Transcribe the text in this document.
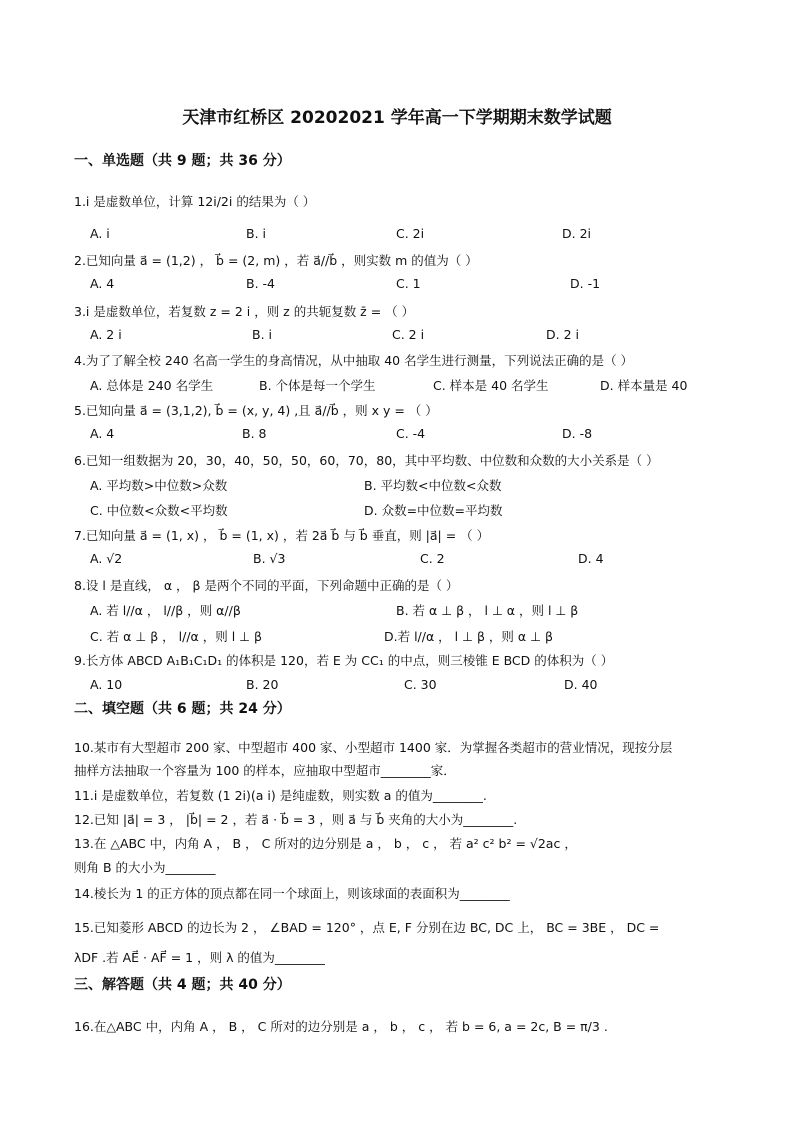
天津市红桥区 20202021 学年高一下学期期末数学试题
一、单选题（共 9 题；共 36 分）
1.i 是虚数单位，计算 12i/2i 的结果为（ ）
A. i	B. i	C. 2i	D. 2i
2.已知向量 a⃗ = (1,2) ， b⃗ = (2, m) ，若 a⃗//b⃗ ，则实数 m 的值为（ ）
A. 4	B. -4	C. 1	D. -1
3.i 是虚数单位，若复数 z = 2 i ，则 z 的共轭复数 z̄ = （ ）
A. 2 i	B. i	C. 2 i	D. 2 i
4.为了了解全校 240 名高一学生的身高情况，从中抽取 40 名学生进行测量，下列说法正确的是（ ）
A. 总体是 240 名学生	B. 个体是每一个学生	C. 样本是 40 名学生	D. 样本量是 40
5.已知向量 a⃗ = (3,1,2), b⃗ = (x, y, 4) ,且 a⃗//b⃗ ，则 x y = （ ）
A. 4	B. 8	C. -4	D. -8
6.已知一组数据为 20，30，40，50，50，60，70，80，其中平均数、中位数和众数的大小关系是（ ）
A. 平均数>中位数>众数	B. 平均数<中位数<众数
C. 中位数<众数<平均数	D. 众数=中位数=平均数
7.已知向量 a⃗ = (1, x) ， b⃗ = (1, x) ，若 2a⃗ b⃗ 与 b⃗ 垂直，则 |a⃗| = （ ）
A. √2	B. √3	C. 2	D. 4
8.设 l 是直线， α ， β 是两个不同的平面，下列命题中正确的是（ ）
A. 若 l//α ， l//β ，则 α//β	B. 若 α ⊥ β ， l ⊥ α ，则 l ⊥ β
C. 若 α ⊥ β ， l//α ，则 l ⊥ β	D.若 l//α ， l ⊥ β ，则 α ⊥ β
9.长方体 ABCD A₁B₁C₁D₁ 的体积是 120，若 E 为 CC₁ 的中点，则三棱锥 E BCD 的体积为（ ）
A. 10	B. 20	C. 30	D. 40
二、填空题（共 6 题；共 24 分）
10.某市有大型超市 200 家、中型超市 400 家、小型超市 1400 家．为掌握各类超市的营业情况，现按分层
抽样方法抽取一个容量为 100 的样本，应抽取中型超市________家．
11.i 是虚数单位，若复数 (1 2i)(a i) 是纯虚数，则实数 a 的值为________.
12.已知 |a⃗| = 3 ， |b⃗| = 2 ，若 a⃗ · b⃗ = 3 ，则 a⃗ 与 b⃗ 夹角的大小为________.
13.在 △ABC 中，内角 A ， B ， C 所对的边分别是 a ， b ， c ， 若 a² c² b² = √2ac ，
则角 B 的大小为________
14.棱长为 1 的正方体的顶点都在同一个球面上，则该球面的表面积为________
15.已知菱形 ABCD 的边长为 2 ， ∠BAD = 120° ，点 E, F 分别在边 BC, DC 上， BC = 3BE ， DC =
λDF .若 AE⃗ · AF⃗ = 1 ，则 λ 的值为________
三、解答题（共 4 题；共 40 分）
16.在△ABC 中，内角 A ， B ， C 所对的边分别是 a ， b ， c ， 若 b = 6, a = 2c, B = π/3 .
